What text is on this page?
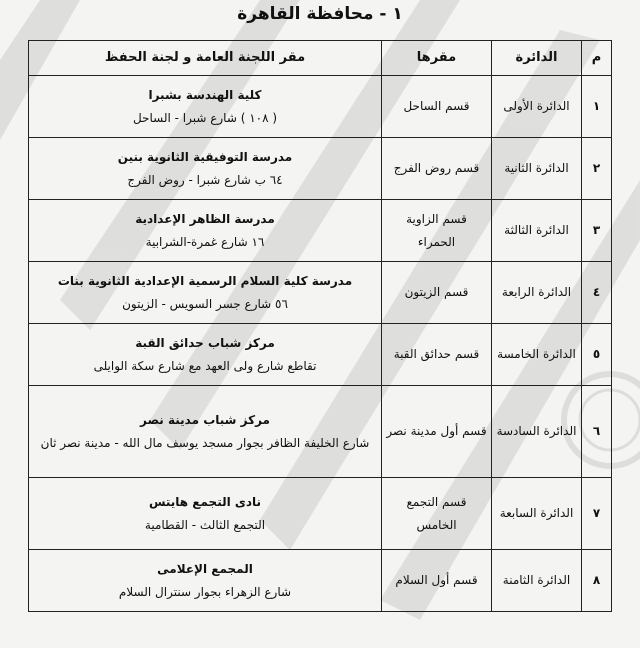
١ - محافظة القاهرة
م	الدائرة	مقرها	مقر اللجنة العامة و لجنة الحفظ
١	الدائرة الأولى	قسم الساحل	كلية الهندسة بشبرا
( ١٠٨ ) شارع شبرا - الساحل

٢	الدائرة الثانية	قسم روض الفرج	مدرسة التوفيقية الثانوية بنين
٦٤ ب شارع شبرا - روض الفرج

٣	الدائرة الثالثة	قسم الزاوية الحمراء	مدرسة الظاهر الإعدادية
١٦ شارع غمرة-الشرابية

٤	الدائرة الرابعة	قسم الزيتون	مدرسة كلية السلام الرسمية الإعدادية الثانوية بنات
٥٦ شارع جسر السويس - الزيتون

٥	الدائرة الخامسة	قسم حدائق القبة	مركز شباب حدائق القبة
تقاطع شارع ولى العهد مع شارع سكة الوايلى

٦	الدائرة السادسة	قسم أول مدينة نصر	مركز شباب مدينة نصر
شارع الخليفة الظافر بجوار مسجد يوسف مال الله - مدينة نصر ثان

٧	الدائرة السابعة	قسم التجمع الخامس	نادى التجمع هايتس
التجمع الثالث - القطامية

٨	الدائرة الثامنة	قسم أول السلام	المجمع الإعلامى
شارع الزهراء بجوار سنترال السلام
